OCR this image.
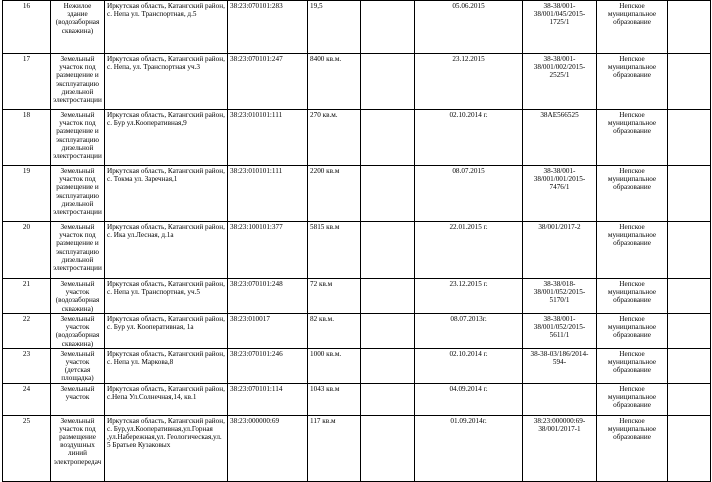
16	Нежилое здание (водозаборная скважина)	Иркутская область, Катангский район, с. Непа ул. Транспортная, д.5	38:23:070101:283	19,5		05.06.2015	38-38/001-38/001/045/2015-1725/1	Непское муниципальное образование	
17	Земельный участок под размещение и эксплуатацию дизельной электростанции	Иркутская область, Катангский район, с. Непа, ул. Транспортная уч.3	38:23:070101:247	8400 кв.м.		23.12.2015	38-38/001-38/001/002/2015-2525/1	Непское муниципальное образование	
18	Земельный участок под размещение и эксплуатацию дизельной электростанции	Иркутская область, Катангский район, с. Бур ул.Кооперативная,9	38:23:010101:111	270 кв.м.		02.10.2014 г.	38АЕ566525	Непское муниципальное образование	
19	Земельный участок под размещение и эксплуатацию дизельной электростанции	Иркутская область, Катангский район, с. Токма ул. Заречная,1	38:23:010101:111	2200 кв.м		08.07.2015	38-38/001-38/001/001/2015-7476/1	Непское муниципальное образование	
20	Земельный участок под размещение и эксплуатацию дизельной электростанции	Иркутская область, Катангский район, с. Ика ул.Лесная, д.1а	38:23:100101:377	5815 кв.м		22.01.2015 г.	38/001/2017-2	Непское муниципальное образование	
21	Земельный участок (водозаборная скважина)	Иркутская область, Катангский район, с. Непа ул. Транспортная, уч.5	38:23:070101:248	72 кв.м		23.12.2015 г.	38-38/018-38/001/052/2015-5170/1	Непское муниципальное образование	
22	Земельный участок (водозаборная скважина)	Иркутская область, Катангский район, с. Бур ул. Кооперативная, 1а	38:23:010017	82 кв.м.		08.07.2013г.	38-38/001-38/001/052/2015-5611/1	Непское муниципальное образование	
23	Земельный участок (детская площадка)	Иркутская область, Катангский район, с. Непа ул. Маркова,8	38:23:070101:246	1000 кв.м.		02.10.2014 г.	38-38-03/186/2014-594-	Непское муниципальное образование	
24	Земельный участок	Иркутская область, Катангский район, с.Непа Ул.Солнечная,14, кв.1	38:23:070101:114	1043 кв.м		04.09.2014 г.		Непское муниципальное образование	
25	Земельный участок под размещение воздушных линий электропередач	Иркутская область, Катангский район, с. Бур,ул.Кооперативная,ул.Горная ,ул.Набережная,ул. Геологическая,ул. 5 Братьев Кузаковых	38:23:000000:69	117 кв.м		01.09.2014г.	38:23:000000:69-38/001/2017-1	Непское муниципальное образование	
